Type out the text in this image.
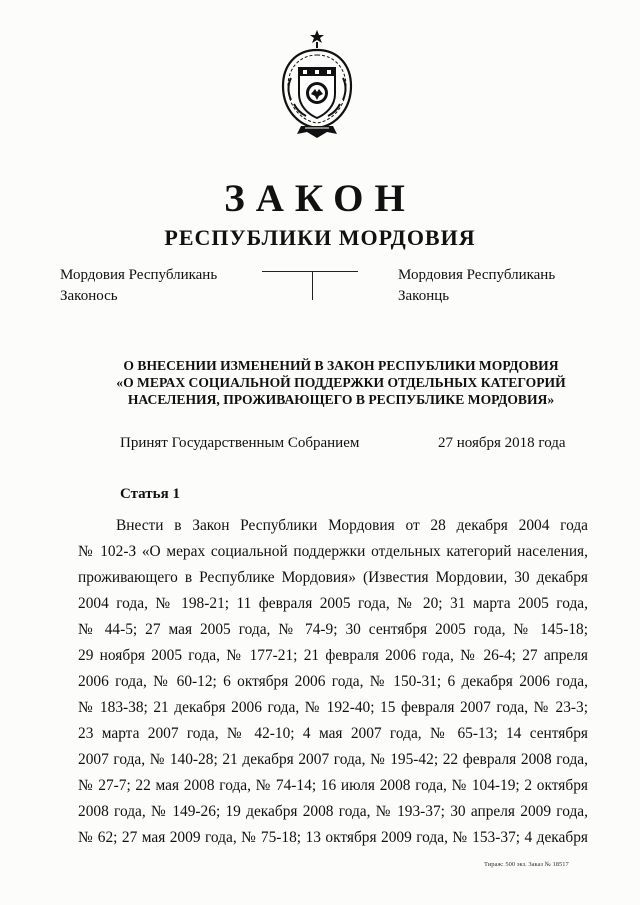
ЗАКОН
РЕСПУБЛИКИ МОРДОВИЯ
Мордовия Республикань
Законось
Мордовия Республикань
Законць
О ВНЕСЕНИИ ИЗМЕНЕНИЙ В ЗАКОН РЕСПУБЛИКИ МОРДОВИЯ
«О МЕРАХ СОЦИАЛЬНОЙ ПОДДЕРЖКИ ОТДЕЛЬНЫХ КАТЕГОРИЙ
НАСЕЛЕНИЯ, ПРОЖИВАЮЩЕГО В РЕСПУБЛИКЕ МОРДОВИЯ»
Принят Государственным Собранием	27 ноября 2018 года
Статья 1
Внести в Закон Республики Мордовия от 28 декабря 2004 года
№ 102-З «О мерах социальной поддержки отдельных категорий населения,
проживающего в Республике Мордовия» (Известия Мордовии, 30 декабря
2004 года, № 198-21; 11 февраля 2005 года, № 20; 31 марта 2005 года,
№ 44-5; 27 мая 2005 года, № 74-9; 30 сентября 2005 года, № 145-18;
29 ноября 2005 года, № 177-21; 21 февраля 2006 года, № 26-4; 27 апреля
2006 года, № 60-12; 6 октября 2006 года, № 150-31; 6 декабря 2006 года,
№ 183-38; 21 декабря 2006 года, № 192-40; 15 февраля 2007 года, № 23-3;
23 марта 2007 года, № 42-10; 4 мая 2007 года, № 65-13; 14 сентября
2007 года, № 140-28; 21 декабря 2007 года, № 195-42; 22 февраля 2008 года,
№ 27-7; 22 мая 2008 года, № 74-14; 16 июля 2008 года, № 104-19; 2 октября
2008 года, № 149-26; 19 декабря 2008 года, № 193-37; 30 апреля 2009 года,
№ 62; 27 мая 2009 года, № 75-18; 13 октября 2009 года, № 153-37; 4 декабря
Тираж: 500 экз. Заказ № 18517
